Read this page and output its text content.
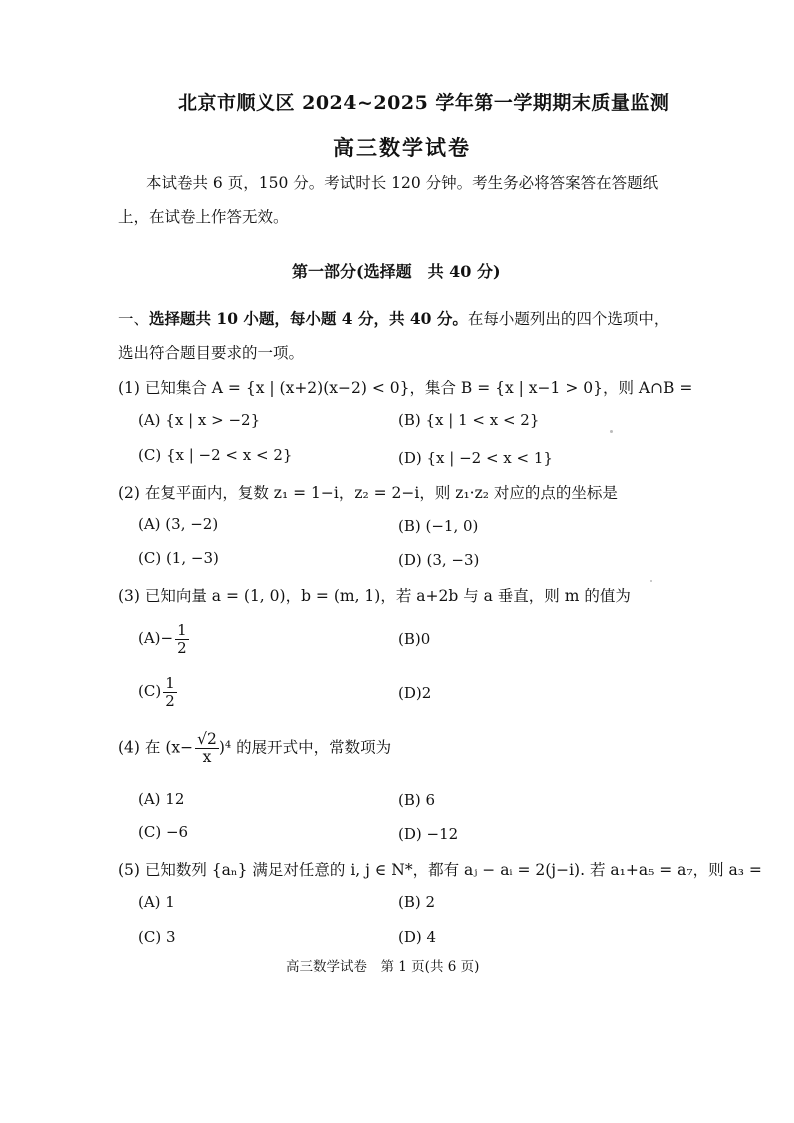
北京市顺义区 2024~2025 学年第一学期期末质量监测
高三数学试卷
本试卷共 6 页，150 分。考试时长 120 分钟。考生务必将答案答在答题纸上，在试卷上作答无效。
第一部分(选择题　共 40 分)
一、选择题共 10 小题，每小题 4 分，共 40 分。在每小题列出的四个选项中，选出符合题目要求的一项。
(1) 已知集合 A = {x | (x+2)(x−2) < 0}，集合 B = {x | x−1 > 0}，则 A∩B =
(A) {x | x > −2}	(B) {x | 1 < x < 2}
(C) {x | −2 < x < 2}	(D) {x | −2 < x < 1}
(2) 在复平面内，复数 z₁ = 1−i，z₂ = 2−i，则 z₁·z₂ 对应的点的坐标是
(A) (3, −2)	(B) (−1, 0)
(C) (1, −3)	(D) (3, −3)
(3) 已知向量 a = (1, 0)，b = (m, 1)，若 a+2b 与 a 垂直，则 m 的值为
$(A)- \frac{1}{2}$	(B)0
$(C) \frac{1}{2}$	(D)2
(4) 在 $(x- \frac{√2}{x} )^4$ 的展开式中，常数项为
(A) 12	(B) 6
(C) −6	(D) −12
(5) 已知数列 {aₙ} 满足对任意的 i, j ∈ N*，都有 aⱼ − aᵢ = 2(j−i). 若 a₁+a₅ = a₇，则 a₃ =
(A) 1	(B) 2
(C) 3	(D) 4
高三数学试卷　第 1 页(共 6 页)
